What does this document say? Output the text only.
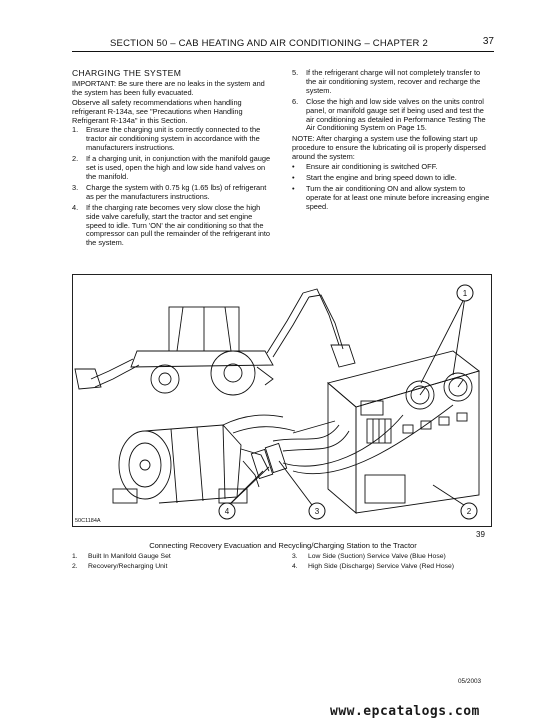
SECTION 50 – CAB HEATING AND AIR CONDITIONING – CHAPTER 2	37

CHARGING THE SYSTEM

IMPORTANT: Be sure there are no leaks in the system and the system has been fully evacuated.

Observe all safety recommendations when handling refrigerant R-134a, see "Precautions when Handling Refrigerant R-134a" in this Section.

1. Ensure the charging unit is correctly connected to the tractor air conditioning system in accordance with the manufacturers instructions.

2. If a charging unit, in conjunction with the manifold gauge set is used, open the high and low side hand valves on the manifold.

3. Charge the system with 0.75 kg (1.65 lbs) of refrigerant as per the manufacturers instructions.

4. If the charging rate becomes very slow close the high side valve carefully, start the tractor and set engine speed to idle. Turn 'ON' the air conditioning so that the compressor can pull the remainder of the refrigerant into the system.

5. If the refrigerant charge will not completely transfer to the air conditioning system, recover and recharge the system.

6. Close the high and low side valves on the units control panel, or manifold gauge set if being used and test the air conditioning as detailed in Performance Testing The Air Conditioning System on Page 15.

NOTE: After charging a system use the following start up procedure to ensure the lubricating oil is properly dispersed around the system:

• Ensure air conditioning is switched OFF.

• Start the engine and bring speed down to idle.

• Turn the air conditioning ON and allow system to operate for at least one minute before increasing engine speed.

1
2
3
4
50C1184A
39
Connecting Recovery Evacuation and Recycling/Charging Station to the Tractor
1. Built In Manifold Gauge Set
2. Recovery/Recharging Unit
3. Low Side (Suction) Service Valve (Blue Hose)
4. High Side (Discharge) Service Valve (Red Hose)
05/2003
www.epcatalogs.com
